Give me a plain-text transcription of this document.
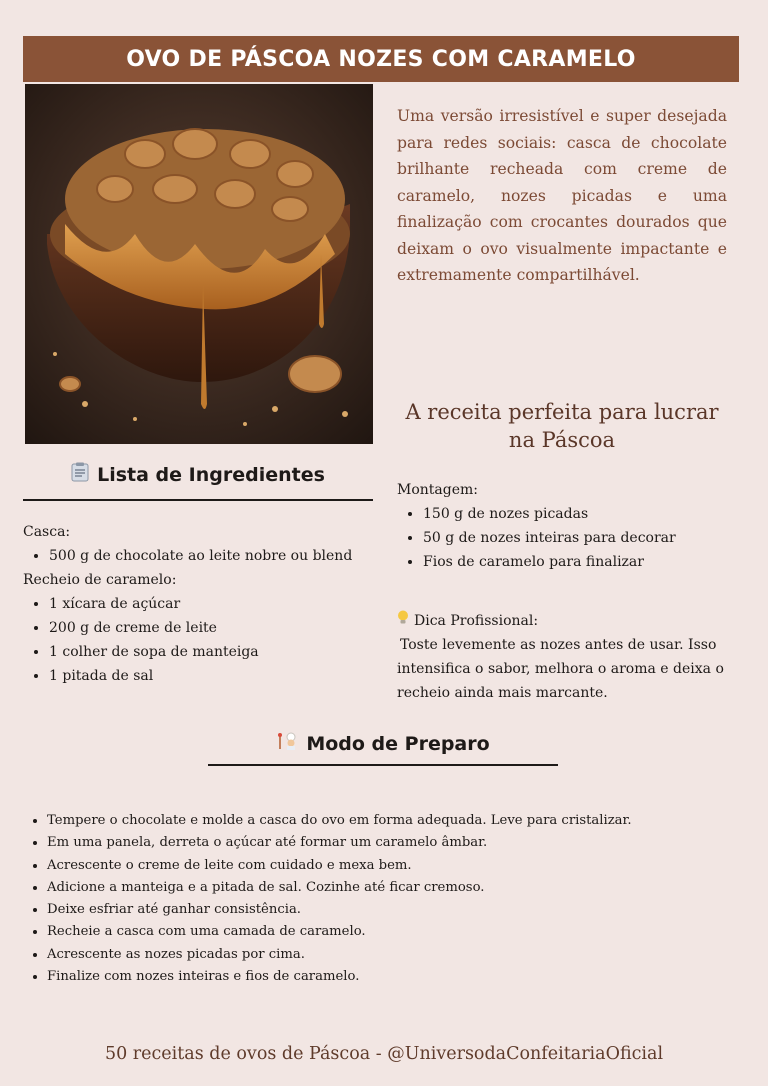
OVO DE PÁSCOA NOZES COM CARAMELO

Uma versão irresistível e super desejada para redes sociais: casca de chocolate brilhante recheada com creme de caramelo, nozes picadas e uma finalização com crocantes dourados que deixam o ovo visualmente impactante e extremamente compartilhável.

A receita perfeita para lucrar na Páscoa
Lista de Ingredientes

Casca:

• 500 g de chocolate ao leite nobre ou blend

Recheio de caramelo:

• 1 xícara de açúcar
• 200 g de creme de leite
• 1 colher de sopa de manteiga
• 1 pitada de sal

Montagem:

• 150 g de nozes picadas
• 50 g de nozes inteiras para decorar
• Fios de caramelo para finalizar

Dica Profissional:

Toste levemente as nozes antes de usar. Isso intensifica o sabor, melhora o aroma e deixa o recheio ainda mais marcante.

Modo de Preparo
• Tempere o chocolate e molde a casca do ovo em forma adequada. Leve para cristalizar.
• Em uma panela, derreta o açúcar até formar um caramelo âmbar.
• Acrescente o creme de leite com cuidado e mexa bem.
• Adicione a manteiga e a pitada de sal. Cozinhe até ficar cremoso.
• Deixe esfriar até ganhar consistência.
• Recheie a casca com uma camada de caramelo.
• Acrescente as nozes picadas por cima.
• Finalize com nozes inteiras e fios de caramelo.

50 receitas de ovos de Páscoa - @UniversodaConfeitariaOficial
